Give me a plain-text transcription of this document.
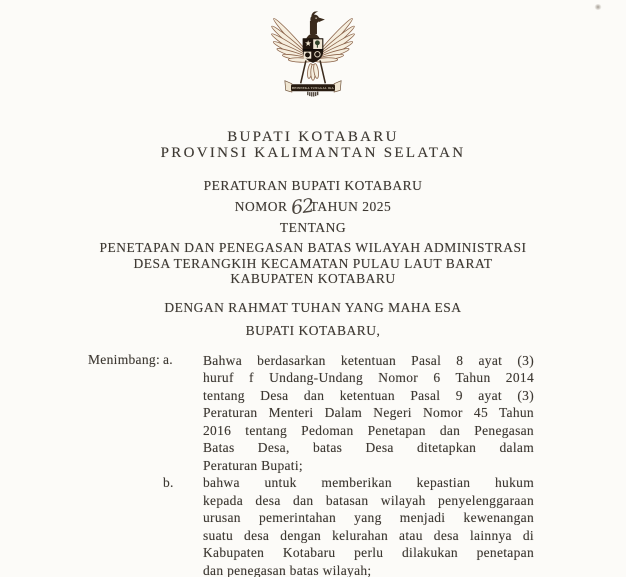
BHINNEKA TUNGGAL IKA
BUPATI KOTABARU
PROVINSI KALIMANTAN SELATAN
PERATURAN BUPATI KOTABARU
NOMOR62TAHUN 2025
TENTANG
PENETAPAN DAN PENEGASAN BATAS WILAYAH ADMINISTRASI
DESA TERANGKIH KECAMATAN PULAU LAUT BARAT
KABUPATEN KOTABARU
DENGAN RAHMAT TUHAN YANG MAHA ESA
BUPATI KOTABARU,
Menimbang : a. Bahwa berdasarkan ketentuan Pasal 8 ayat (3)
huruf f Undang-Undang Nomor 6 Tahun 2014
tentang Desa dan ketentuan Pasal 9 ayat (3)
Peraturan Menteri Dalam Negeri Nomor 45 Tahun
2016 tentang Pedoman Penetapan dan Penegasan
Batas Desa, batas Desa ditetapkan dalam
Peraturan Bupati;
b. bahwa untuk memberikan kepastian hukum
kepada desa dan batasan wilayah penyelenggaraan
urusan pemerintahan yang menjadi kewenangan
suatu desa dengan kelurahan atau desa lainnya di
Kabupaten Kotabaru perlu dilakukan penetapan
dan penegasan batas wilayah;
